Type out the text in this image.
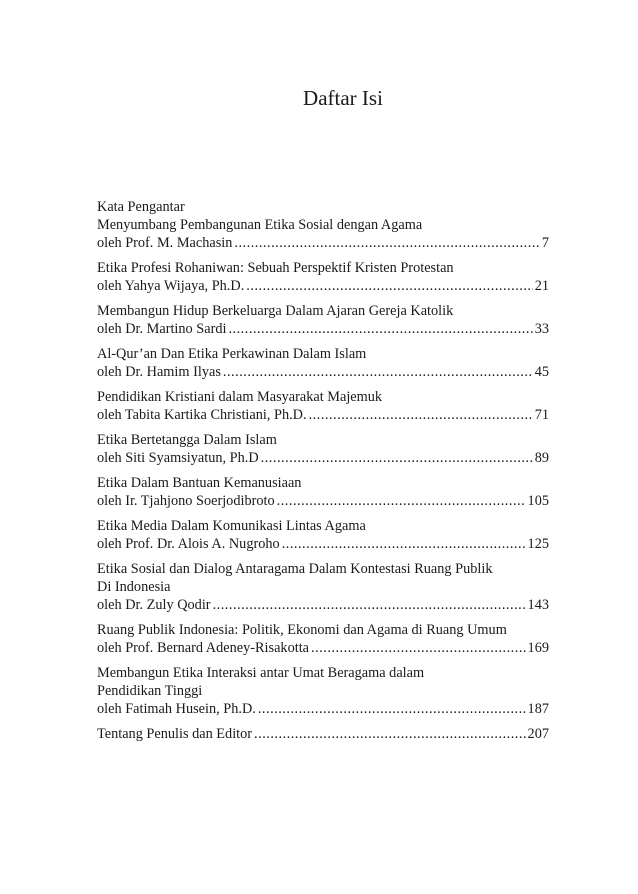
Daftar Isi
Kata Pengantar
Menyumbang Pembangunan Etika Sosial dengan Agama
oleh Prof. M. Machasin .....	7
Etika Profesi Rohaniwan: Sebuah Perspektif Kristen Protestan
oleh Yahya Wijaya, Ph.D. .....	21
Membangun Hidup Berkeluarga Dalam Ajaran Gereja Katolik
oleh Dr. Martino Sardi .....	33
Al-Qur’an Dan Etika Perkawinan Dalam Islam
oleh Dr. Hamim Ilyas .....	45
Pendidikan Kristiani dalam Masyarakat Majemuk
oleh Tabita Kartika Christiani, Ph.D. .....	71
Etika Bertetangga Dalam Islam
oleh Siti Syamsiyatun, Ph.D .....	89
Etika Dalam Bantuan Kemanusiaan
oleh Ir. Tjahjono Soerjodibroto .....	105
Etika Media Dalam Komunikasi Lintas Agama
oleh Prof. Dr. Alois A. Nugroho .....	125
Etika Sosial dan Dialog Antaragama Dalam Kontestasi Ruang Publik
Di Indonesia
oleh Dr. Zuly Qodir .....	143
Ruang Publik Indonesia: Politik, Ekonomi dan Agama di Ruang Umum
oleh Prof. Bernard Adeney-Risakotta .....	169
Membangun Etika Interaksi antar Umat Beragama dalam
Pendidikan Tinggi
oleh Fatimah Husein, Ph.D. .....	187
Tentang Penulis dan Editor .....	207
